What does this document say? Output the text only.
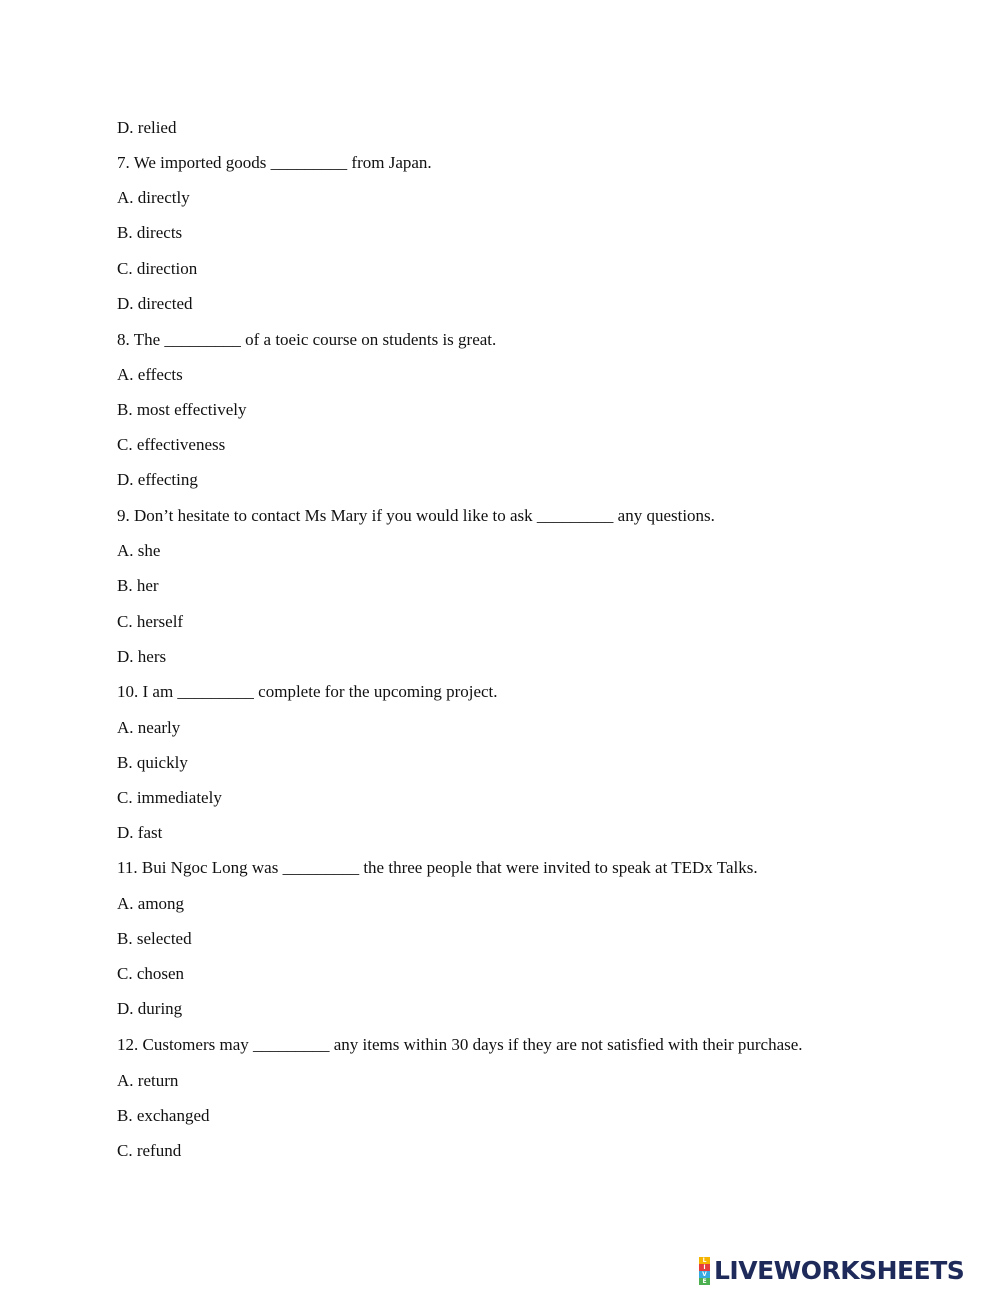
D. relied
7. We imported goods _________ from Japan.
A. directly
B. directs
C. direction
D. directed
8. The _________ of a toeic course on students is great.
A. effects
B. most effectively
C. effectiveness
D. effecting
9. Don’t hesitate to contact Ms Mary if you would like to ask _________ any questions.
A. she
B. her
C. herself
D. hers
10. I am _________ complete for the upcoming project.
A. nearly
B. quickly
C. immediately
D. fast
11. Bui Ngoc Long was _________ the three people that were invited to speak at TEDx Talks.
A. among
B. selected
C. chosen
D. during
12. Customers may _________ any items within 30 days if they are not satisfied with their purchase.
A. return
B. exchanged
C. refund
L
I
V
E LIVEWORKSHEETS
